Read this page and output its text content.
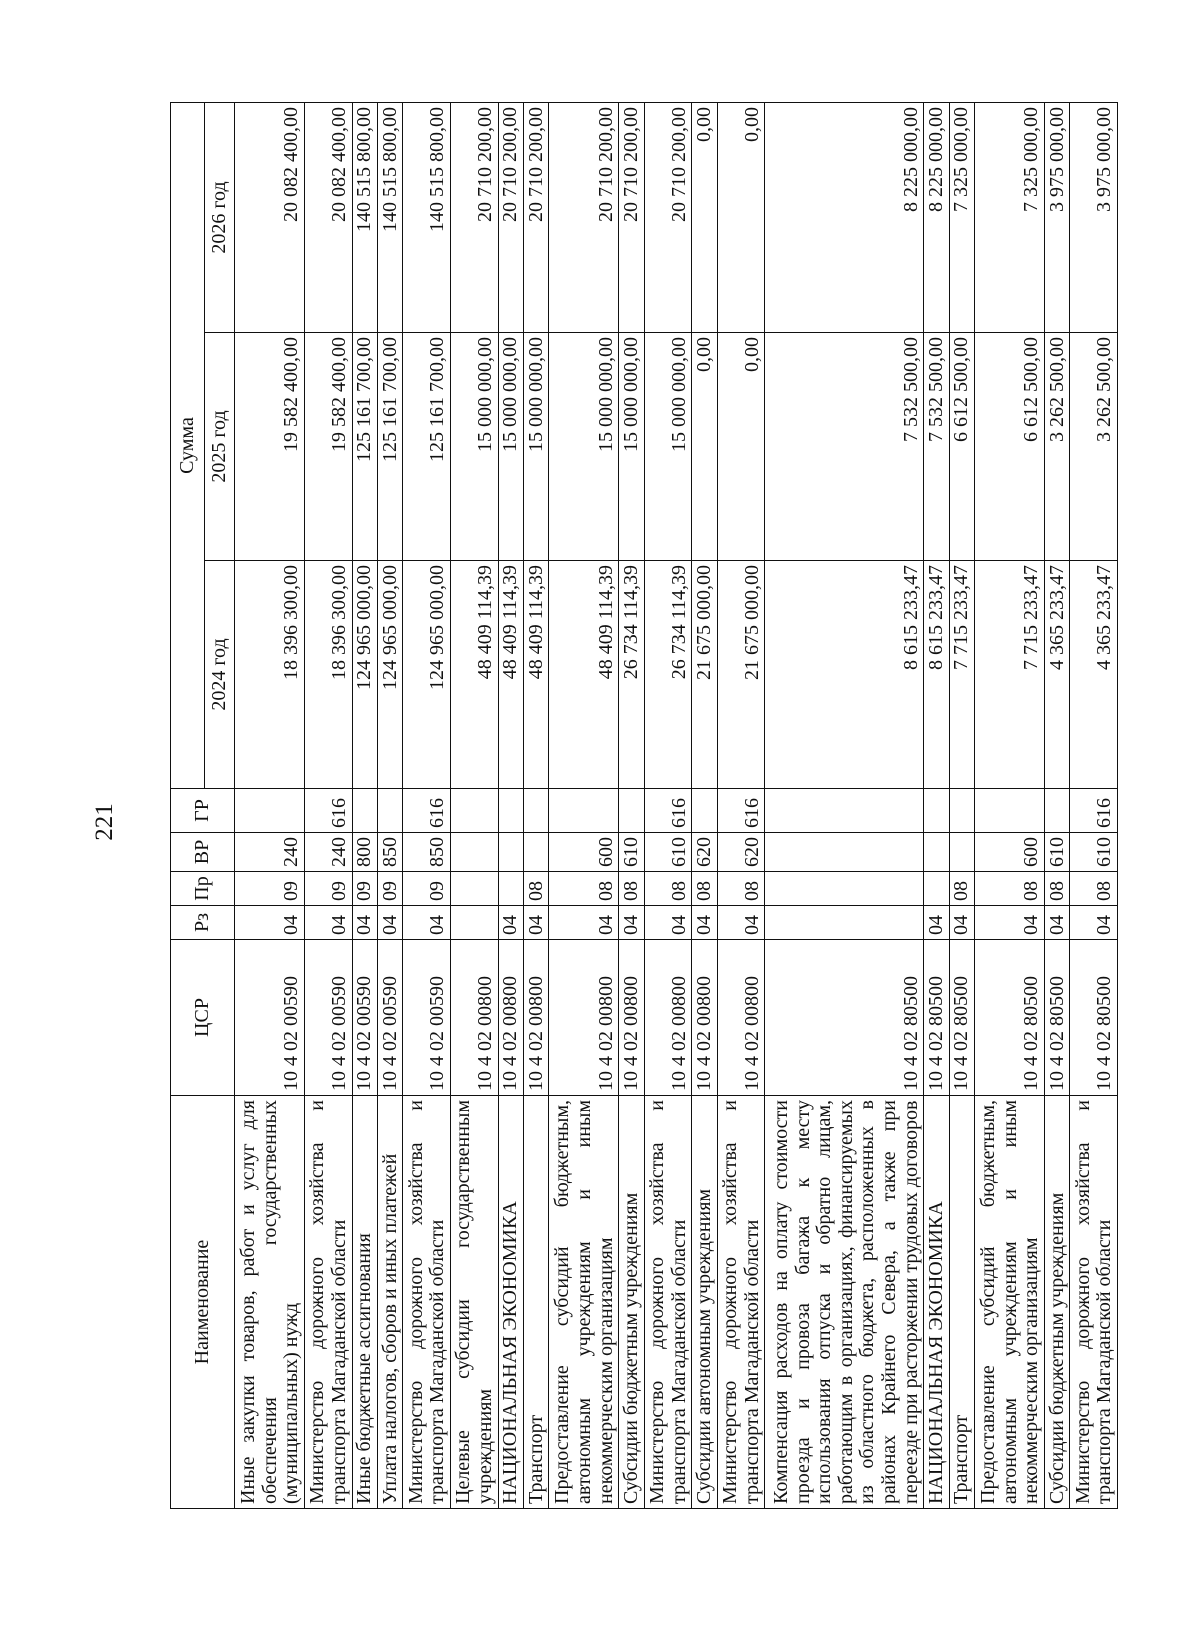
221
Наименование	ЦСР	Рз	Пр	ВР	ГР	Сумма		
						2024 год	2025 год	2026 год
Иные закупки товаров, работ и услуг для обеспечения государственных (муниципальных) нужд	10 4 02 00590	04	09	240		18 396 300,00	19 582 400,00	20 082 400,00
Министерство дорожного хозяйства и транспорта Магаданской области	10 4 02 00590	04	09	240	616	18 396 300,00	19 582 400,00	20 082 400,00
Иные бюджетные ассигнования	10 4 02 00590	04	09	800		124 965 000,00	125 161 700,00	140 515 800,00
Уплата налогов, сборов и иных платежей	10 4 02 00590	04	09	850		124 965 000,00	125 161 700,00	140 515 800,00
Министерство дорожного хозяйства и транспорта Магаданской области	10 4 02 00590	04	09	850	616	124 965 000,00	125 161 700,00	140 515 800,00
Целевые субсидии государственным учреждениям	10 4 02 00800					48 409 114,39	15 000 000,00	20 710 200,00
НАЦИОНАЛЬНАЯ ЭКОНОМИКА	10 4 02 00800	04				48 409 114,39	15 000 000,00	20 710 200,00
Транспорт	10 4 02 00800	04	08			48 409 114,39	15 000 000,00	20 710 200,00
Предоставление субсидий бюджетным, автономным учреждениям и иным некоммерческим организациям	10 4 02 00800	04	08	600		48 409 114,39	15 000 000,00	20 710 200,00
Субсидии бюджетным учреждениям	10 4 02 00800	04	08	610		26 734 114,39	15 000 000,00	20 710 200,00
Министерство дорожного хозяйства и транспорта Магаданской области	10 4 02 00800	04	08	610	616	26 734 114,39	15 000 000,00	20 710 200,00
Субсидии автономным учреждениям	10 4 02 00800	04	08	620		21 675 000,00	0,00	0,00
Министерство дорожного хозяйства и транспорта Магаданской области	10 4 02 00800	04	08	620	616	21 675 000,00	0,00	0,00
Компенсация расходов на оплату стоимости проезда и провоза багажа к месту использования отпуска и обратно лицам, работающим в организациях, финансируемых из областного бюджета, расположенных в районах Крайнего Севера, а также при переезде при расторжении трудовых договоров	10 4 02 80500					8 615 233,47	7 532 500,00	8 225 000,00
НАЦИОНАЛЬНАЯ ЭКОНОМИКА	10 4 02 80500	04				8 615 233,47	7 532 500,00	8 225 000,00
Транспорт	10 4 02 80500	04	08			7 715 233,47	6 612 500,00	7 325 000,00
Предоставление субсидий бюджетным, автономным учреждениям и иным некоммерческим организациям	10 4 02 80500	04	08	600		7 715 233,47	6 612 500,00	7 325 000,00
Субсидии бюджетным учреждениям	10 4 02 80500	04	08	610		4 365 233,47	3 262 500,00	3 975 000,00
Министерство дорожного хозяйства и транспорта Магаданской области	10 4 02 80500	04	08	610	616	4 365 233,47	3 262 500,00	3 975 000,00
